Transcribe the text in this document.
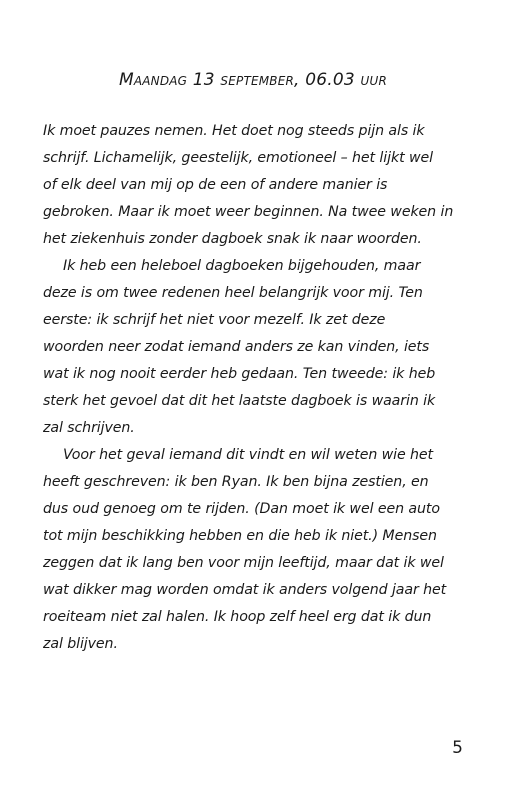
Maandag 13 september, 06.03 uur
Ik moet pauzes nemen. Het doet nog steeds pijn als ik
schrijf. Lichamelijk, geestelijk, emotioneel – het lijkt wel
of elk deel van mij op de een of andere manier is
gebroken. Maar ik moet weer beginnen. Na twee weken in
het ziekenhuis zonder dagboek snak ik naar woorden.
Ik heb een heleboel dagboeken bijgehouden, maar
deze is om twee redenen heel belangrijk voor mij. Ten
eerste: ik schrijf het niet voor mezelf. Ik zet deze
woorden neer zodat iemand anders ze kan vinden, iets
wat ik nog nooit eerder heb gedaan. Ten tweede: ik heb
sterk het gevoel dat dit het laatste dagboek is waarin ik
zal schrijven.
Voor het geval iemand dit vindt en wil weten wie het
heeft geschreven: ik ben Ryan. Ik ben bijna zestien, en
dus oud genoeg om te rijden. (Dan moet ik wel een auto
tot mijn beschikking hebben en die heb ik niet.) Mensen
zeggen dat ik lang ben voor mijn leeftijd, maar dat ik wel
wat dikker mag worden omdat ik anders volgend jaar het
roeiteam niet zal halen. Ik hoop zelf heel erg dat ik dun
zal blijven.
5
